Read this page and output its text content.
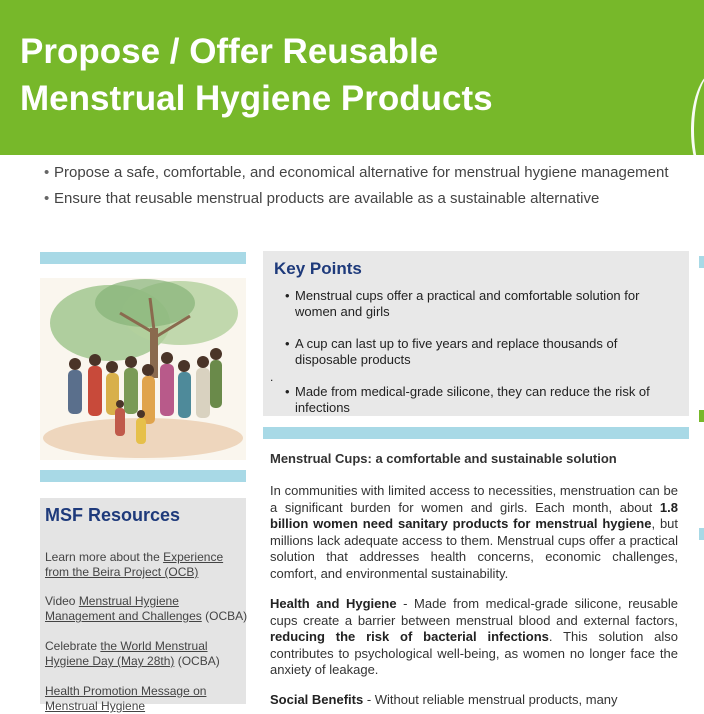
Propose / Offer Reusable
Menstrual Hygiene Products
• Propose a safe, comfortable, and economical alternative for menstrual hygiene management
• Ensure that reusable menstrual products are available as a sustainable alternative
MSF Resources
Learn more about the Experience from the Beira Project (OCB)
Video Menstrual Hygiene Management and Challenges (OCBA)
Celebrate the World Menstrual Hygiene Day (May 28th) (OCBA)
Health Promotion Message on Menstrual Hygiene
Key Points
• Menstrual cups offer a practical and comfortable solution for women and girls
• A cup can last up to five years and replace thousands of disposable products
• Made from medical-grade silicone, they can reduce the risk of infections
.
Menstrual Cups: a comfortable and sustainable solution
In communities with limited access to necessities, menstruation can be a significant burden for women and girls. Each month, about 1.8 billion women need sanitary products for menstrual hygiene, but millions lack adequate access to them. Menstrual cups offer a practical solution that addresses health concerns, economic challenges, comfort, and environmental sustainability.
Health and Hygiene - Made from medical-grade silicone, reusable cups create a barrier between menstrual blood and external factors, reducing the risk of bacterial infections. This solution also contributes to psychological well-being, as women no longer face the anxiety of leakage.
Social Benefits - Without reliable menstrual products, many
